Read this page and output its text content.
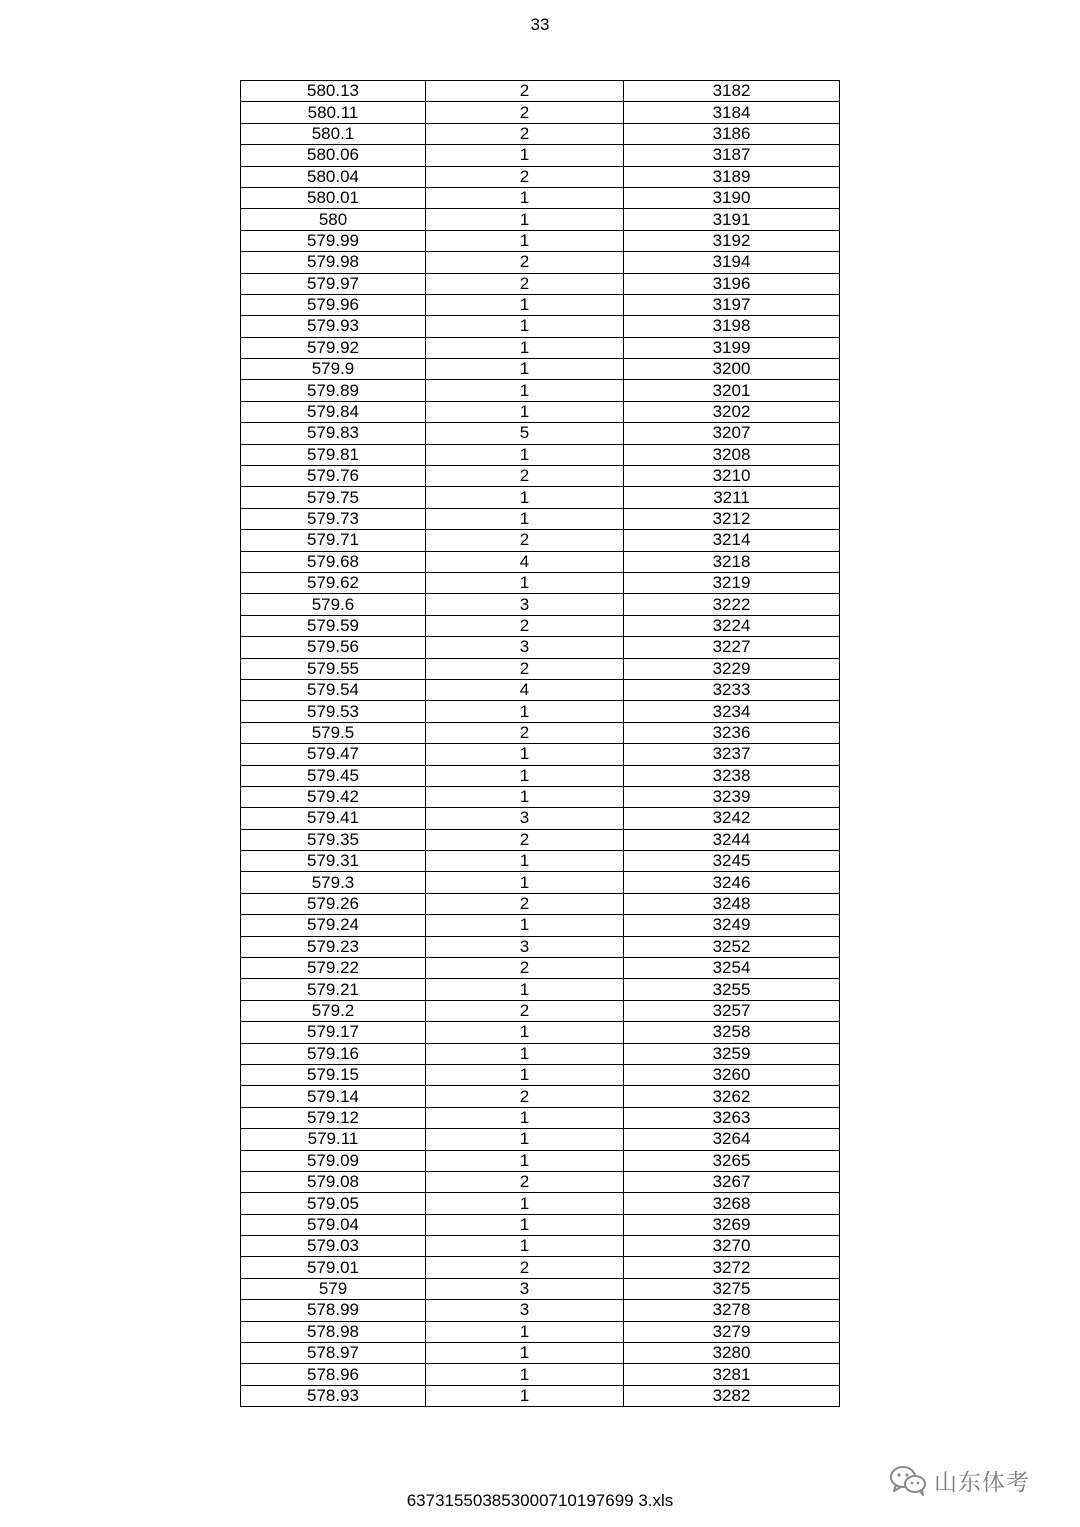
33
580.13	2	3182
580.11	2	3184
580.1	2	3186
580.06	1	3187
580.04	2	3189
580.01	1	3190
580	1	3191
579.99	1	3192
579.98	2	3194
579.97	2	3196
579.96	1	3197
579.93	1	3198
579.92	1	3199
579.9	1	3200
579.89	1	3201
579.84	1	3202
579.83	5	3207
579.81	1	3208
579.76	2	3210
579.75	1	3211
579.73	1	3212
579.71	2	3214
579.68	4	3218
579.62	1	3219
579.6	3	3222
579.59	2	3224
579.56	3	3227
579.55	2	3229
579.54	4	3233
579.53	1	3234
579.5	2	3236
579.47	1	3237
579.45	1	3238
579.42	1	3239
579.41	3	3242
579.35	2	3244
579.31	1	3245
579.3	1	3246
579.26	2	3248
579.24	1	3249
579.23	3	3252
579.22	2	3254
579.21	1	3255
579.2	2	3257
579.17	1	3258
579.16	1	3259
579.15	1	3260
579.14	2	3262
579.12	1	3263
579.11	1	3264
579.09	1	3265
579.08	2	3267
579.05	1	3268
579.04	1	3269
579.03	1	3270
579.01	2	3272
579	3	3275
578.99	3	3278
578.98	1	3279
578.97	1	3280
578.96	1	3281
578.93	1	3282
637315503853000710197699 3.xls
山东体考
